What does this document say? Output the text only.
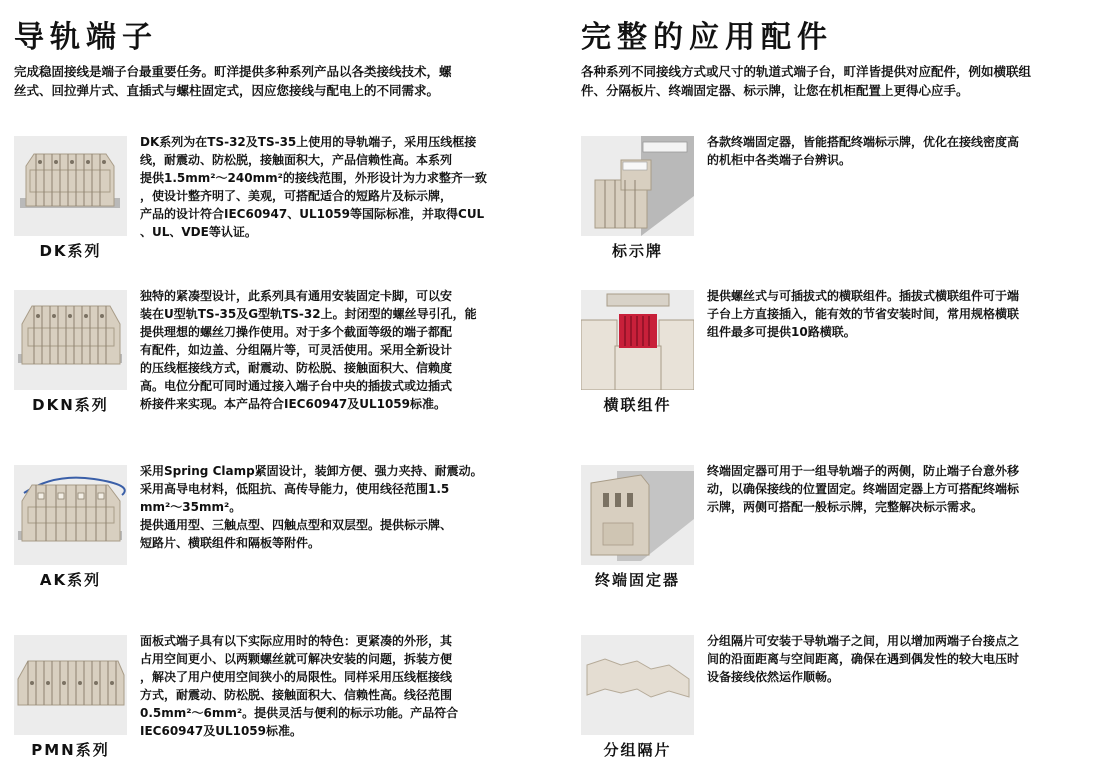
导轨端子

完成稳固接线是端子台最重要任务。町洋提供多种系列产品以各类接线技术，螺
丝式、回拉弹片式、直插式与螺柱固定式，因应您接线与配电上的不同需求。

DK系列

DK系列为在TS-32及TS-35上使用的导轨端子，采用压线框接
线，耐震动、防松脱，接触面积大，产品信赖性高。本系列
提供1.5mm²～240mm²的接线范围，外形设计为力求整齐一致
，使设计整齐明了、美观，可搭配适合的短路片及标示牌，
产品的设计符合IEC60947、UL1059等国际标准，并取得CUL
、UL、VDE等认证。

DKN系列

独特的紧凑型设计，此系列具有通用安装固定卡脚，可以安
装在U型轨TS-35及G型轨TS-32上。封闭型的螺丝导引孔，能
提供理想的螺丝刀操作使用。对于多个截面等级的端子都配
有配件，如边盖、分组隔片等，可灵活使用。采用全新设计
的压线框接线方式，耐震动、防松脱、接触面积大、信赖度
高。电位分配可同时通过接入端子台中央的插拔式或边插式
桥接件来实现。本产品符合IEC60947及UL1059标准。

AK系列

采用Spring Clamp紧固设计，装卸方便、强力夹持、耐震动。
采用高导电材料，低阻抗、高传导能力，使用线径范围1.5
mm²～35mm²。
提供通用型、三触点型、四触点型和双层型。提供标示牌、
短路片、横联组件和隔板等附件。

PMN系列

面板式端子具有以下实际应用时的特色：更紧凑的外形，其
占用空间更小、以两颗螺丝就可解决安装的问题，拆装方便
，解决了用户使用空间狭小的局限性。同样采用压线框接线
方式，耐震动、防松脱、接触面积大、信赖性高。线径范围
0.5mm²～6mm²。提供灵活与便利的标示功能。产品符合
IEC60947及UL1059标准。

完整的应用配件

各种系列不同接线方式或尺寸的轨道式端子台，町洋皆提供对应配件，例如横联组
件、分隔板片、终端固定器、标示牌，让您在机柜配置上更得心应手。

标示牌

各款终端固定器，皆能搭配终端标示牌，优化在接线密度高
的机柜中各类端子台辨识。

横联组件

提供螺丝式与可插拔式的横联组件。插拔式横联组件可于端
子台上方直接插入，能有效的节省安装时间，常用规格横联
组件最多可提供10路横联。

终端固定器

终端固定器可用于一组导轨端子的两侧，防止端子台意外移
动，以确保接线的位置固定。终端固定器上方可搭配终端标
示牌，两侧可搭配一般标示牌，完整解决标示需求。

分组隔片

分组隔片可安装于导轨端子之间，用以增加两端子台接点之
间的沿面距离与空间距离，确保在遇到偶发性的较大电压时
设备接线依然运作顺畅。
